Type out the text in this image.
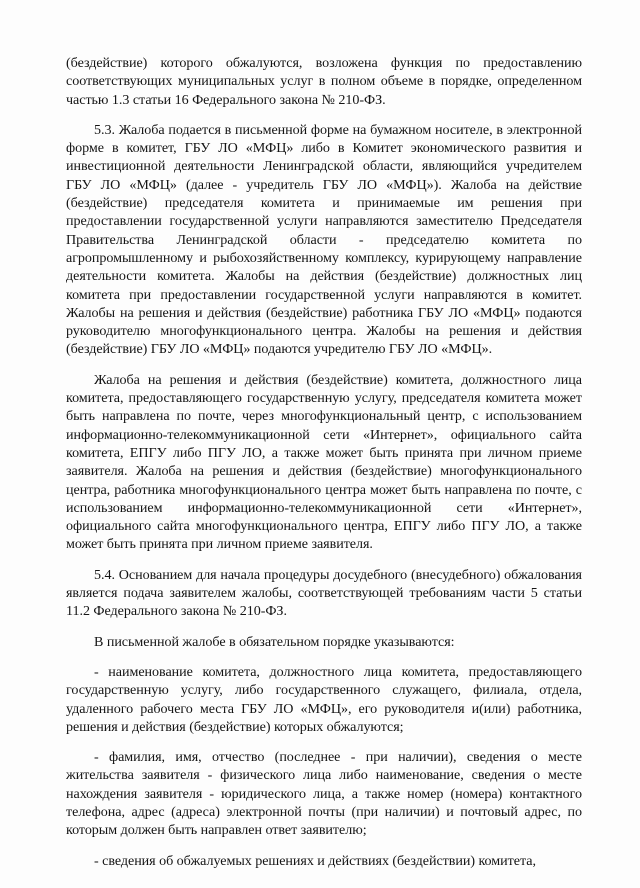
(бездействие) которого обжалуются, возложена функция по предоставлению соответствующих муниципальных услуг в полном объеме в порядке, определенном частью 1.3 статьи 16 Федерального закона № 210-ФЗ.

5.3. Жалоба подается в письменной форме на бумажном носителе, в электронной форме в комитет, ГБУ ЛО «МФЦ» либо в Комитет экономического развития и инвестиционной деятельности Ленинградской области, являющийся учредителем ГБУ ЛО «МФЦ» (далее - учредитель ГБУ ЛО «МФЦ»). Жалоба на действие (бездействие) председателя комитета и принимаемые им решения при предоставлении государственной услуги направляются заместителю Председателя Правительства Ленинградской области - председателю комитета по агропромышленному и рыбохозяйственному комплексу, курирующему направление деятельности комитета. Жалобы на действия (бездействие) должностных лиц комитета при предоставлении государственной услуги направляются в комитет. Жалобы на решения и действия (бездействие) работника ГБУ ЛО «МФЦ» подаются руководителю многофункционального центра. Жалобы на решения и действия (бездействие) ГБУ ЛО «МФЦ» подаются учредителю ГБУ ЛО «МФЦ».

Жалоба на решения и действия (бездействие) комитета, должностного лица комитета, предоставляющего государственную услугу, председателя комитета может быть направлена по почте, через многофункциональный центр, с использованием информационно-телекоммуникационной сети «Интернет», официального сайта комитета, ЕПГУ либо ПГУ ЛО, а также может быть принята при личном приеме заявителя. Жалоба на решения и действия (бездействие) многофункционального центра, работника многофункционального центра может быть направлена по почте, с использованием информационно-телекоммуникационной сети «Интернет», официального сайта многофункционального центра, ЕПГУ либо ПГУ ЛО, а также может быть принята при личном приеме заявителя.

5.4. Основанием для начала процедуры досудебного (внесудебного) обжалования является подача заявителем жалобы, соответствующей требованиям части 5 статьи 11.2 Федерального закона № 210-ФЗ.

В письменной жалобе в обязательном порядке указываются:

- наименование комитета, должностного лица комитета, предоставляющего государственную услугу, либо государственного служащего, филиала, отдела, удаленного рабочего места ГБУ ЛО «МФЦ», его руководителя и(или) работника, решения и действия (бездействие) которых обжалуются;

- фамилия, имя, отчество (последнее - при наличии), сведения о месте жительства заявителя - физического лица либо наименование, сведения о месте нахождения заявителя - юридического лица, а также номер (номера) контактного телефона, адрес (адреса) электронной почты (при наличии) и почтовый адрес, по которым должен быть направлен ответ заявителю;

- сведения об обжалуемых решениях и действиях (бездействии) комитета,
